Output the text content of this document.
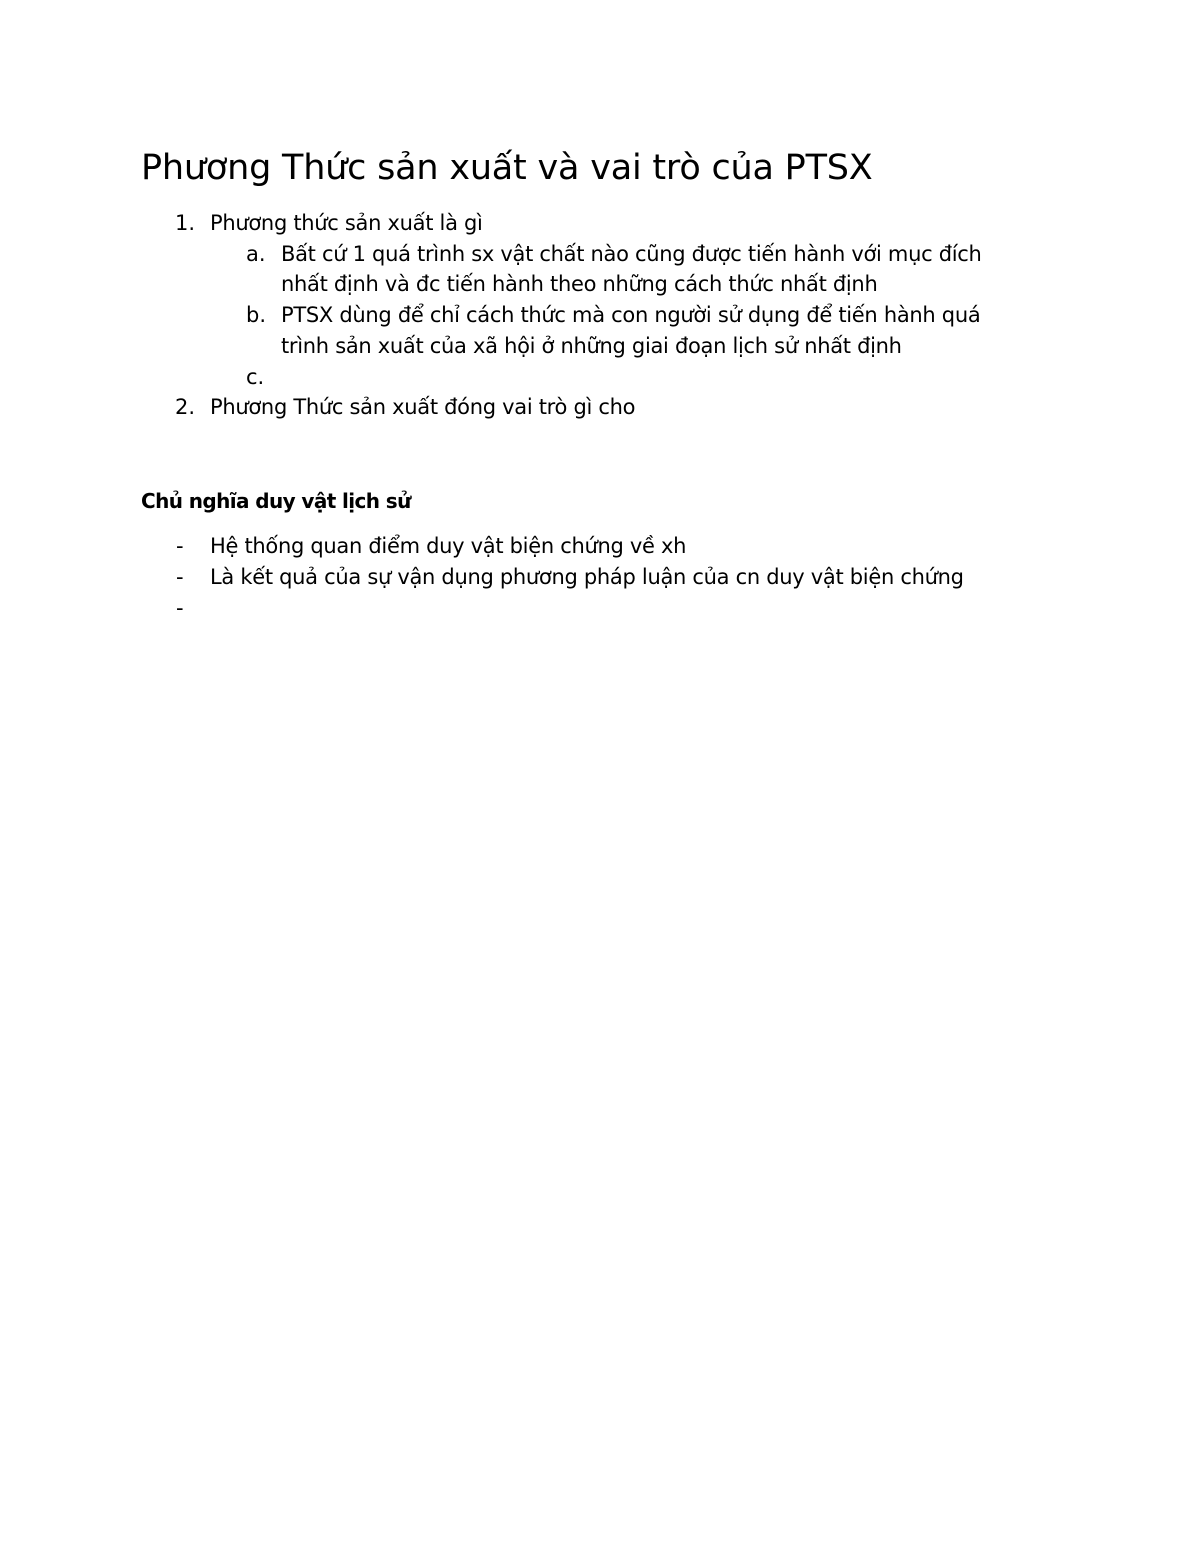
Phương Thức sản xuất và vai trò của PTSX
1. Phương thức sản xuất là gì
a. Bất cứ 1 quá trình sx vật chất nào cũng được tiến hành với mục đích
nhất định và đc tiến hành theo những cách thức nhất định
b. PTSX dùng để chỉ cách thức mà con người sử dụng để tiến hành quá
trình sản xuất của xã hội ở những giai đoạn lịch sử nhất định
c.
2. Phương Thức sản xuất đóng vai trò gì cho
Chủ nghĩa duy vật lịch sử
- Hệ thống quan điểm duy vật biện chứng về xh
- Là kết quả của sự vận dụng phương pháp luận của cn duy vật biện chứng
-
